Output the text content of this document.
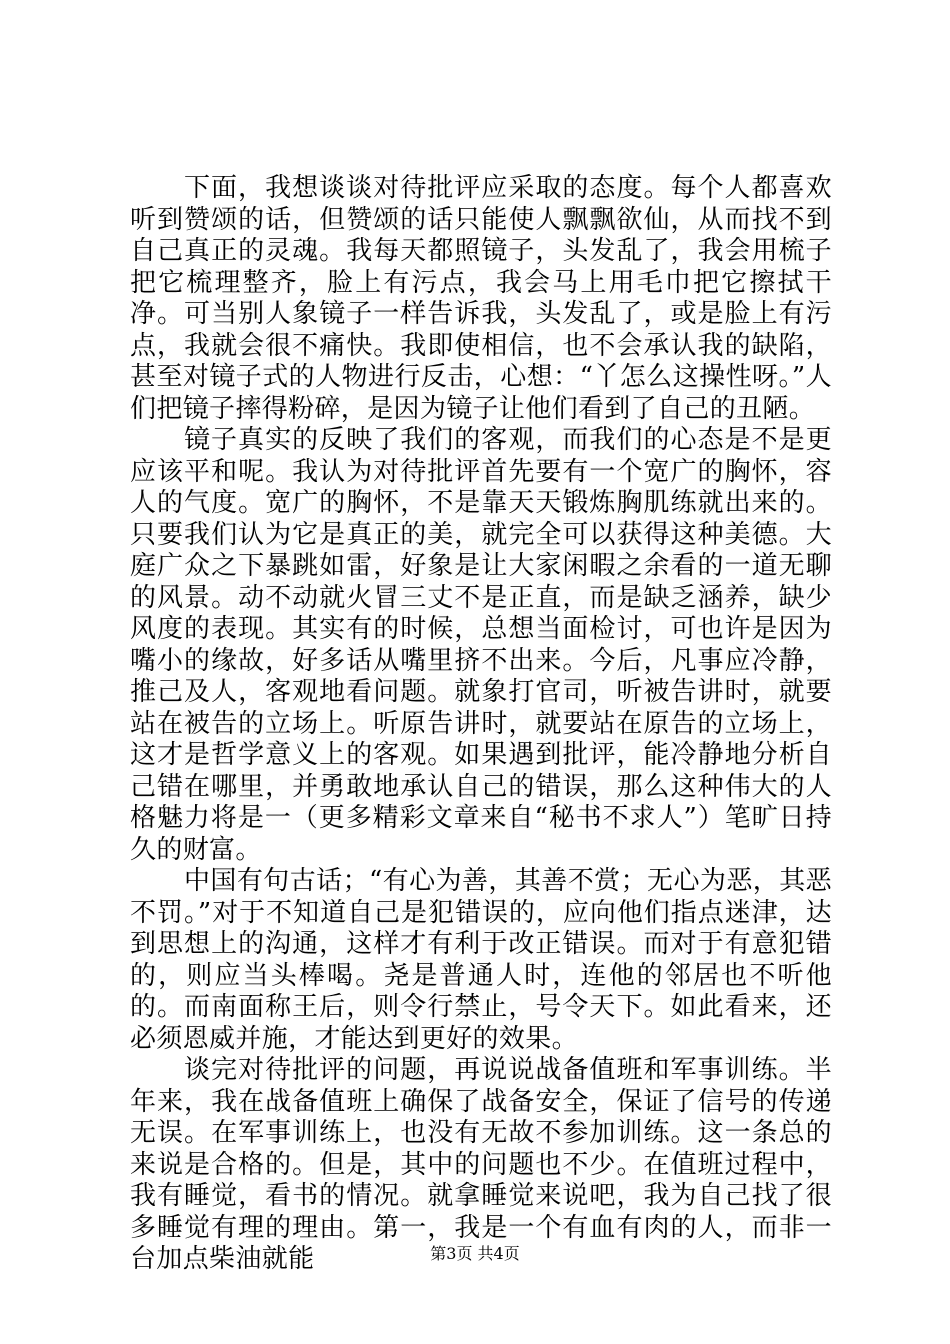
下面，我想谈谈对待批评应采取的态度。每个人都喜欢听到赞颂的话，但赞颂的话只能使人飘飘欲仙，从而找不到自己真正的灵魂。我每天都照镜子，头发乱了，我会用梳子把它梳理整齐，脸上有污点，我会马上用毛巾把它擦拭干净。可当别人象镜子一样告诉我，头发乱了，或是脸上有污点，我就会很不痛快。我即使相信，也不会承认我的缺陷，甚至对镜子式的人物进行反击，心想：“丫怎么这操性呀。”人们把镜子摔得粉碎，是因为镜子让他们看到了自己的丑陋。

镜子真实的反映了我们的客观，而我们的心态是不是更应该平和呢。我认为对待批评首先要有一个宽广的胸怀，容人的气度。宽广的胸怀，不是靠天天锻炼胸肌练就出来的。只要我们认为它是真正的美，就完全可以获得这种美德。大庭广众之下暴跳如雷，好象是让大家闲暇之余看的一道无聊的风景。动不动就火冒三丈不是正直，而是缺乏涵养，缺少风度的表现。其实有的时候，总想当面检讨，可也许是因为嘴小的缘故，好多话从嘴里挤不出来。今后，凡事应冷静，推己及人，客观地看问题。就象打官司，听被告讲时，就要站在被告的立场上。听原告讲时，就要站在原告的立场上，这才是哲学意义上的客观。如果遇到批评，能冷静地分析自己错在哪里，并勇敢地承认自己的错误，那么这种伟大的人格魅力将是一（更多精彩文章来自“秘书不求人”）笔旷日持久的财富。

中国有句古话；“有心为善，其善不赏；无心为恶，其恶不罚。”对于不知道自己是犯错误的，应向他们指点迷津，达到思想上的沟通，这样才有利于改正错误。而对于有意犯错的，则应当头棒喝。尧是普通人时，连他的邻居也不听他的。而南面称王后，则令行禁止，号令天下。如此看来，还必须恩威并施，才能达到更好的效果。

谈完对待批评的问题，再说说战备值班和军事训练。半年来，我在战备值班上确保了战备安全，保证了信号的传递无误。在军事训练上，也没有无故不参加训练。这一条总的来说是合格的。但是，其中的问题也不少。在值班过程中，我有睡觉，看书的情况。就拿睡觉来说吧，我为自己找了很多睡觉有理的理由。第一，我是一个有血有肉的人，而非一台加点柴油就能	第3页 共4页
